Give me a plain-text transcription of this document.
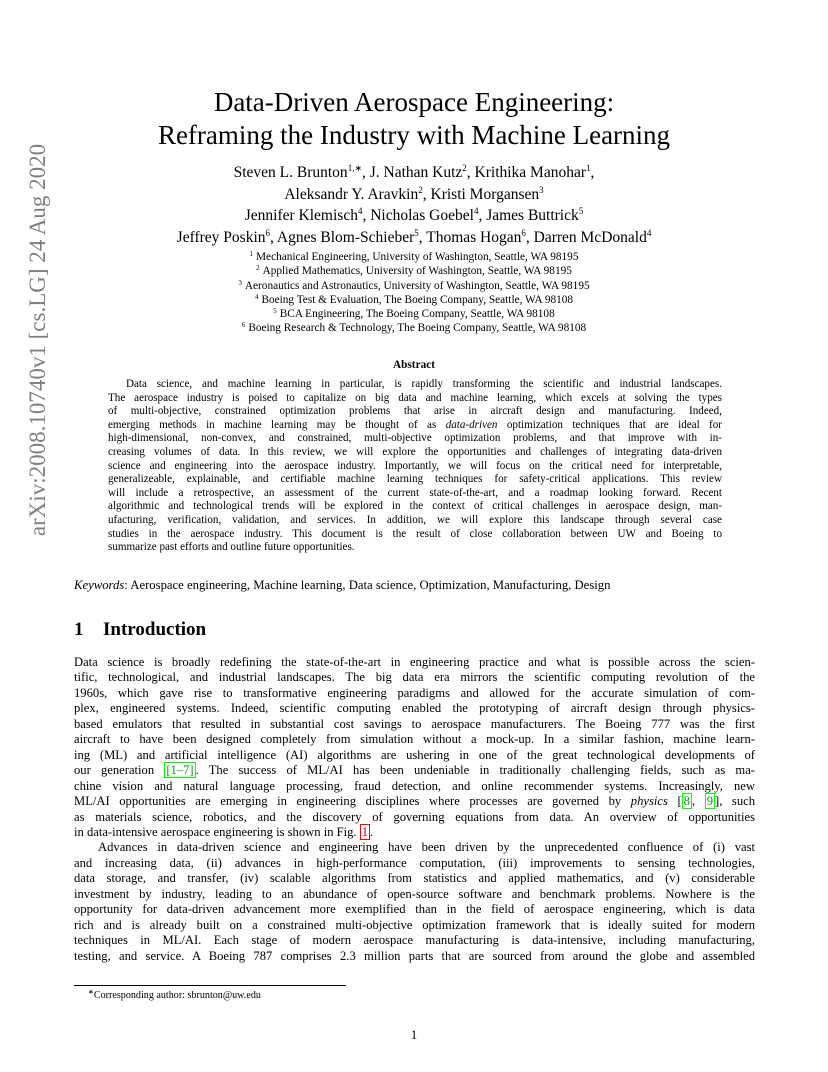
arXiv:2008.10740v1 [cs.LG] 24 Aug 2020
Data-Driven Aerospace Engineering:
Reframing the Industry with Machine Learning
Steven L. Brunton$^{1,∗}$, J. Nathan Kutz$^2$, Krithika Manohar$^1$,
Aleksandr Y. Aravkin$^2$, Kristi Morgansen$^3$
Jennifer Klemisch$^4$, Nicholas Goebel$^4$, James Buttrick$^5$
Jeffrey Poskin$^6$, Agnes Blom-Schieber$^5$, Thomas Hogan$^6$, Darren McDonald$^4$
$^1$ Mechanical Engineering, University of Washington, Seattle, WA 98195
$^2$ Applied Mathematics, University of Washington, Seattle, WA 98195
$^3$ Aeronautics and Astronautics, University of Washington, Seattle, WA 98195
$^4$ Boeing Test & Evaluation, The Boeing Company, Seattle, WA 98108
$^5$ BCA Engineering, The Boeing Company, Seattle, WA 98108
$^6$ Boeing Research & Technology, The Boeing Company, Seattle, WA 98108
Abstract
Data science, and machine learning in particular, is rapidly transforming the scientific and industrial landscapes.
The aerospace industry is poised to capitalize on big data and machine learning, which excels at solving the types
of multi-objective, constrained optimization problems that arise in aircraft design and manufacturing. Indeed,
emerging methods in machine learning may be thought of as data-driven optimization techniques that are ideal for
high-dimensional, non-convex, and constrained, multi-objective optimization problems, and that improve with in-
creasing volumes of data. In this review, we will explore the opportunities and challenges of integrating data-driven
science and engineering into the aerospace industry. Importantly, we will focus on the critical need for interpretable,
generalizeable, explainable, and certifiable machine learning techniques for safety-critical applications. This review
will include a retrospective, an assessment of the current state-of-the-art, and a roadmap looking forward. Recent
algorithmic and technological trends will be explored in the context of critical challenges in aerospace design, man-
ufacturing, verification, validation, and services. In addition, we will explore this landscape through several case
studies in the aerospace industry. This document is the result of close collaboration between UW and Boeing to
summarize past efforts and outline future opportunities.
Keywords: Aerospace engineering, Machine learning, Data science, Optimization, Manufacturing, Design
1 Introduction
Data science is broadly redefining the state-of-the-art in engineering practice and what is possible across the scien-
tific, technological, and industrial landscapes. The big data era mirrors the scientific computing revolution of the
1960s, which gave rise to transformative engineering paradigms and allowed for the accurate simulation of com-
plex, engineered systems. Indeed, scientific computing enabled the prototyping of aircraft design through physics-
based emulators that resulted in substantial cost savings to aerospace manufacturers. The Boeing 777 was the first
aircraft to have been designed completely from simulation without a mock-up. In a similar fashion, machine learn-
ing (ML) and artificial intelligence (AI) algorithms are ushering in one of the great technological developments of
our generation [1–7] . The success of ML/AI has been undeniable in traditionally challenging fields, such as ma-
chine vision and natural language processing, fraud detection, and online recommender systems. Increasingly, new
ML/AI opportunities are emerging in engineering disciplines where processes are governed by physics [ 8 , 9 ], such
as materials science, robotics, and the discovery of governing equations from data. An overview of opportunities
in data-intensive aerospace engineering is shown in Fig. 1 .
Advances in data-driven science and engineering have been driven by the unprecedented confluence of (i) vast
and increasing data, (ii) advances in high-performance computation, (iii) improvements to sensing technologies,
data storage, and transfer, (iv) scalable algorithms from statistics and applied mathematics, and (v) considerable
investment by industry, leading to an abundance of open-source software and benchmark problems. Nowhere is the
opportunity for data-driven advancement more exemplified than in the field of aerospace engineering, which is data
rich and is already built on a constrained multi-objective optimization framework that is ideally suited for modern
techniques in ML/AI. Each stage of modern aerospace manufacturing is data-intensive, including manufacturing,
testing, and service. A Boeing 787 comprises 2.3 million parts that are sourced from around the globe and assembled
∗Corresponding author: sbrunton@uw.edu
1
